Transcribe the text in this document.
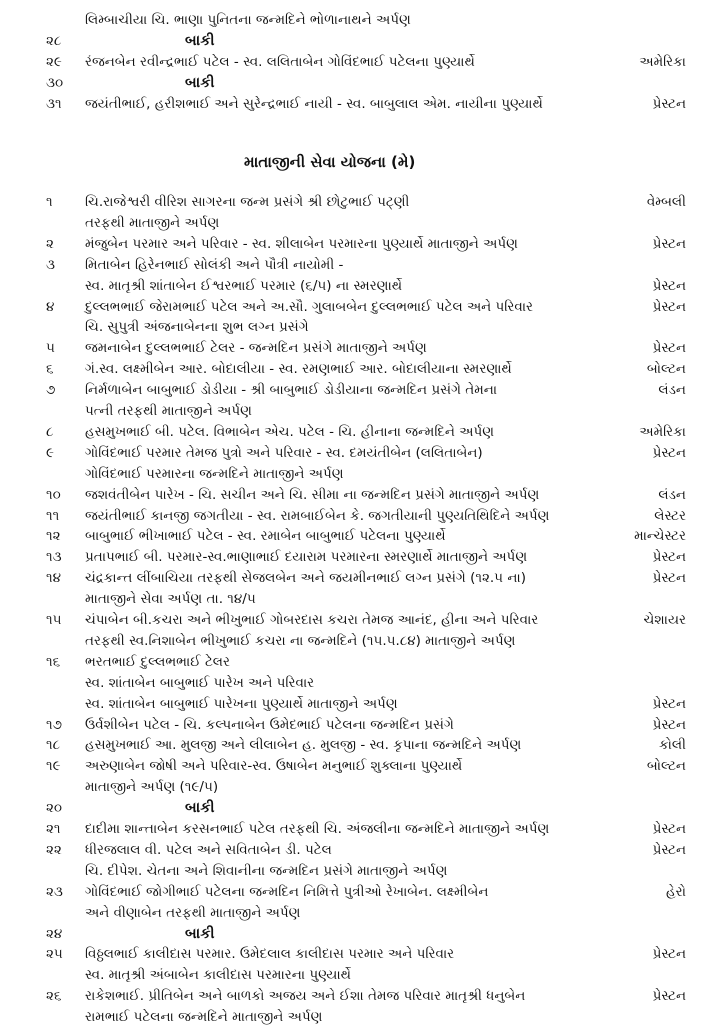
લિમ્બાચીયા ચિ. ભાણા પુનિતના જન્મદિને ભોળાનાથને અર્પણ
૨૮	બાકી
૨૯	રંજનબેન રવીન્દ્રભાઈ પટેલ - સ્વ. લલિતાબેન ગોવિંદભાઈ પટેલના પુણ્યાર્થે	અમેરિકા
૩૦	બાકી
૩૧	જયંતીભાઈ, હરીશભાઈ અને સુરેન્દ્રભાઈ નાયી - સ્વ. બાબુલાલ એમ. નાયીના પુણ્યાર્થે	પ્રેસ્ટન
માતાજીની સેવા યોજના (મે)
૧	ચિ.રાજેશ્વરી વીરિશ સાગરના જન્મ પ્રસંગે શ્રી છોટુભાઈ પટ્ણી	વેમ્બલી
તરફથી માતાજીને અર્પણ
૨	મંજુબેન પરમાર અને પરિવાર - સ્વ. શીલાબેન પરમારના પુણ્યાર્થે માતાજીને અર્પણ	પ્રેસ્ટન
૩	મિતાબેન હિરેનભાઈ સોલંકી અને પૌત્રી નાયોમી -
સ્વ. માતૃશ્રી શાંતાબેન ઈશ્વરભાઈ પરમાર (૬/૫) ના સ્મરણાર્થે	પ્રેસ્ટન
૪	દુલ્લભભાઈ જેરામભાઈ પટેલ અને અ.સૌ. ગુલાબબેન દુલ્લભભાઈ પટેલ અને પરિવાર	પ્રેસ્ટન
ચિ. સુપુત્રી અંજનાબેનના શુભ લગ્ન પ્રસંગે
૫	જમનાબેન દુલ્લભભાઈ ટેલર - જન્મદિન પ્રસંગે માતાજીને અર્પણ	પ્રેસ્ટન
૬	ગં.સ્વ. લક્ષ્મીબેન આર. બોદાલીયા - સ્વ. રમણભાઈ આર. બોદાલીયાના સ્મરણાર્થે	બોલ્ટન
૭	નિર્મળાબેન બાબુભાઈ ડોડીયા - શ્રી બાબુભાઈ ડોડીયાના જન્મદિન પ્રસંગે તેમના	લંડન
પત્ની તરફથી માતાજીને અર્પણ
૮	હસમુખભાઈ બી. પટેલ. વિભાબેન એચ. પટેલ - ચિ. હીનાના જન્મદિને અર્પણ	અમેરિકા
૯	ગોવિંદભાઈ પરમાર તેમજ પુત્રો અને પરિવાર - સ્વ. દમયંતીબેન (લલિતાબેન)	પ્રેસ્ટન
ગોવિંદભાઈ પરમારના જન્મદિને માતાજીને અર્પણ
૧૦	જશવંતીબેન પારેખ - ચિ. સચીન અને ચિ. સીમા ના જન્મદિન પ્રસંગે માતાજીને અર્પણ	લંડન
૧૧	જયંતીભાઈ કાનજી જગતીયા - સ્વ. રામબાઈબેન કે. જગતીયાની પુણ્યતિથિદિને અર્પણ	લેસ્ટર
૧૨	બાબુભાઈ ભીખાભાઈ પટેલ - સ્વ. રમાબેન બાબુભાઈ પટેલના પુણ્યાર્થે	માન્ચેસ્ટર
૧૩	પ્રતાપભાઈ બી. પરમાર-સ્વ.ભાણાભાઈ દયારામ પરમારના સ્મરણાર્થે માતાજીને અર્પણ	પ્રેસ્ટન
૧૪	ચંદ્રકાન્ત લીંબાચિયા તરફથી સેજલબેન અને જયમીનભાઈ લગ્ન પ્રસંગે (૧૨.૫ ના)	પ્રેસ્ટન
માતાજીને સેવા અર્પણ તા. ૧૪/૫
૧૫	ચંપાબેન બી.કચરા અને ભીખુભાઈ ગોબરદાસ કચરા તેમજ આનંદ, હીના અને પરિવાર	ચેશાયર
તરફથી સ્વ.નિશાબેન ભીખુભાઈ કચરા ના જન્મદિને (૧૫.૫.૮૪) માતાજીને અર્પણ
૧૬	ભરતભાઈ દુલ્લભભાઈ ટેલર
સ્વ. શાંતાબેન બાબુભાઈ પારેખ અને પરિવાર
સ્વ. શાંતાબેન બાબુભાઈ પારેખના પુણ્યાર્થે માતાજીને અર્પણ	પ્રેસ્ટન
૧૭	ઉર્વશીબેન પટેલ - ચિ. કલ્પનાબેન ઉમેદભાઈ પટેલના જન્મદિન પ્રસંગે	પ્રેસ્ટન
૧૮	હસમુખભાઈ આ. મુલજી અને લીલાબેન હ. મુલજી - સ્વ. કૃપાના જન્મદિને અર્પણ	કોલી
૧૯	અરુણાબેન જોષી અને પરિવાર-સ્વ. ઉષાબેન મનુભાઈ શુક્લાના પુણ્યાર્થે	બોલ્ટન
માતાજીને અર્પણ (૧૯/૫)
૨૦	બાકી
૨૧	દાદીમા શાન્તાબેન કરસનભાઈ પટેલ તરફથી ચિ. અંજલીના જન્મદિને માતાજીને અર્પણ	પ્રેસ્ટન
૨૨	ધીરજલાલ વી. પટેલ અને સવિતાબેન ડી. પટેલ	પ્રેસ્ટન
ચિ. દીપેશ. ચેતના અને શિવાનીના જન્મદિન પ્રસંગે માતાજીને અર્પણ
૨૩	ગોવિંદભાઈ જોગીભાઈ પટેલના જન્મદિન નિમિત્તે પુત્રીઓ રેખાબેન. લક્ષ્મીબેન	હેરો
અને વીણાબેન તરફથી માતાજીને અર્પણ
૨૪	બાકી
૨૫	વિઠ્ઠલભાઈ કાલીદાસ પરમાર. ઉમેદલાલ કાલીદાસ પરમાર અને પરિવાર	પ્રેસ્ટન
સ્વ. માતૃશ્રી અંબાબેન કાલીદાસ પરમારના પુણ્યાર્થે
૨૬	રાકેશભાઈ. પ્રીતિબેન અને બાળકો અજય અને ઈશા તેમજ પરિવાર માતૃશ્રી ધનુબેન	પ્રેસ્ટન
રામભાઈ પટેલના જન્મદિને માતાજીને અર્પણ
